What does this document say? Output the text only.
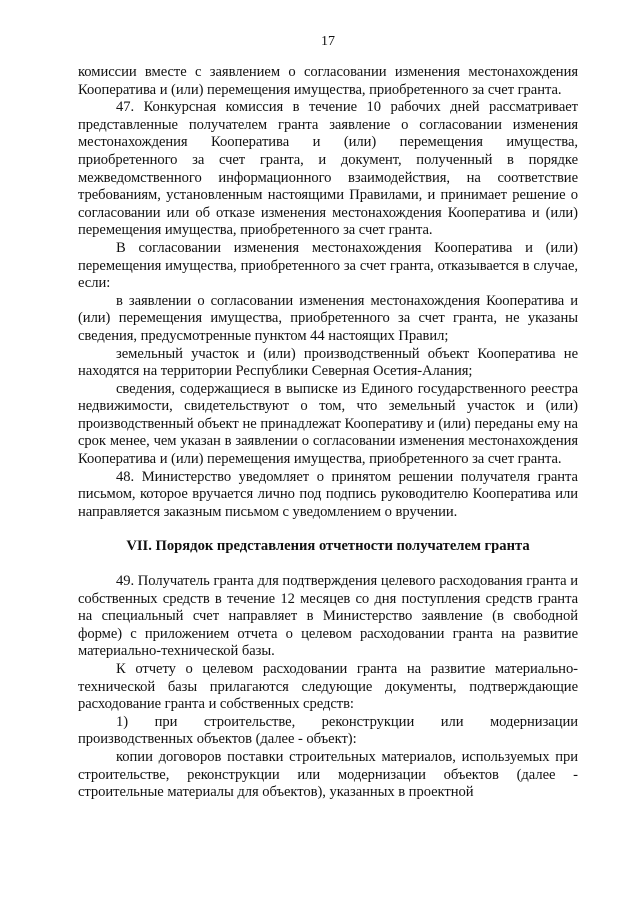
17

комиссии вместе с заявлением о согласовании изменения местонахождения Кооператива и (или) перемещения имущества, приобретенного за счет гранта.

47. Конкурсная комиссия в течение 10 рабочих дней рассматривает представленные получателем гранта заявление о согласовании изменения местонахождения Кооператива и (или) перемещения имущества, приобретенного за счет гранта, и документ, полученный в порядке межведомственного информационного взаимодействия, на соответствие требованиям, установленным настоящими Правилами, и принимает решение о согласовании или об отказе изменения местонахождения Кооператива и (или) перемещения имущества, приобретенного за счет гранта.

В согласовании изменения местонахождения Кооператива и (или) перемещения имущества, приобретенного за счет гранта, отказывается в случае, если:

в заявлении о согласовании изменения местонахождения Кооператива и (или) перемещения имущества, приобретенного за счет гранта, не указаны сведения, предусмотренные пунктом 44 настоящих Правил;

земельный участок и (или) производственный объект Кооператива не находятся на территории Республики Северная Осетия-Алания;

сведения, содержащиеся в выписке из Единого государственного реестра недвижимости, свидетельствуют о том, что земельный участок и (или) производственный объект не принадлежат Кооперативу и (или) переданы ему на срок менее, чем указан в заявлении о согласовании изменения местонахождения Кооператива и (или) перемещения имущества, приобретенного за счет гранта.

48. Министерство уведомляет о принятом решении получателя гранта письмом, которое вручается лично под подпись руководителю Кооператива или направляется заказным письмом с уведомлением о вручении.

VII. Порядок представления отчетности получателем гранта

49. Получатель гранта для подтверждения целевого расходования гранта и собственных средств в течение 12 месяцев со дня поступления средств гранта на специальный счет направляет в Министерство заявление (в свободной форме) с приложением отчета о целевом расходовании гранта на развитие материально-технической базы.

К отчету о целевом расходовании гранта на развитие материально-технической базы прилагаются следующие документы, подтверждающие расходование гранта и собственных средств:

1) при строительстве, реконструкции или модернизации производственных объектов (далее - объект):

копии договоров поставки строительных материалов, используемых при строительстве, реконструкции или модернизации объектов (далее - строительные материалы для объектов), указанных в проектной
